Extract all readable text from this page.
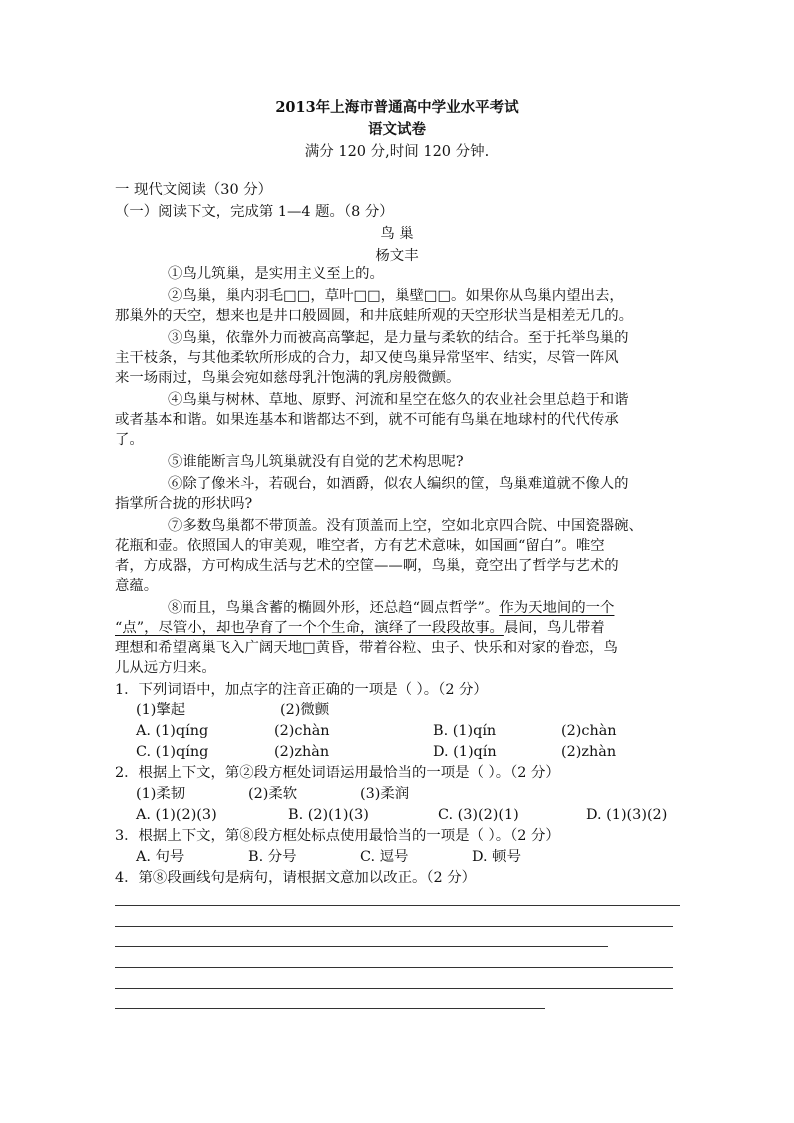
2013年上海市普通高中学业水平考试
语文试卷
满分 120 分,时间 120 分钟.
一 现代文阅读（30 分）
（一）阅读下文，完成第 1—4 题。（8 分）
鸟 巢
杨文丰
①鸟儿筑巢，是实用主义至上的。
②鸟巢，巢内羽毛□□，草叶□□，巢壁□□。如果你从鸟巢内望出去，
那巢外的天空，想来也是井口般圆圆，和井底蛙所观的天空形状当是相差无几的。
③鸟巢，依靠外力而被高高擎起，是力量与柔软的结合。至于托举鸟巢的
主干枝条，与其他柔软所形成的合力，却又使鸟巢异常坚牢、结实，尽管一阵风
来一场雨过，鸟巢会宛如慈母乳汁饱满的乳房般微颤。
④鸟巢与树林、草地、原野、河流和星空在悠久的农业社会里总趋于和谐
或者基本和谐。如果连基本和谐都达不到，就不可能有鸟巢在地球村的代代传承
了。
⑤谁能断言鸟儿筑巢就没有自觉的艺术构思呢?
⑥除了像米斗，若砚台，如酒爵，似农人编织的筐，鸟巢难道就不像人的
指掌所合拢的形状吗?
⑦多数鸟巢都不带顶盖。没有顶盖而上空，空如北京四合院、中国瓷器碗、
花瓶和壶。依照国人的审美观，唯空者，方有艺术意味，如国画“留白”。唯空
者，方成器，方可构成生活与艺术的空筐——啊，鸟巢，竟空出了哲学与艺术的
意蕴。
⑧而且，鸟巢含蓄的椭圆外形，还总趋“圆点哲学”。作为天地间的一个
“点”，尽管小，却也孕育了一个个生命，演绎了一段段故事。晨间，鸟儿带着
理想和希望离巢飞入广阔天地□黄昏，带着谷粒、虫子、快乐和对家的眷恋，鸟
儿从远方归来。
1．下列词语中，加点字的注音正确的一项是（ ）。（2 分）
(1)擎起	(2)微颤
A. (1)qíng	(2)chàn	B. (1)qín	(2)chàn
C. (1)qíng	(2)zhàn	D. (1)qín	(2)zhàn
2．根据上下文，第②段方框处词语运用最恰当的一项是（ ）。（2 分）
(1)柔韧	(2)柔软	(3)柔润
A. (1)(2)(3)	B. (2)(1)(3)	C. (3)(2)(1)	D. (1)(3)(2)
3．根据上下文，第⑧段方框处标点使用最恰当的一项是（ ）。（2 分）
A. 句号	B. 分号	C. 逗号	D. 顿号
4．第⑧段画线句是病句，请根据文意加以改正。（2 分）
